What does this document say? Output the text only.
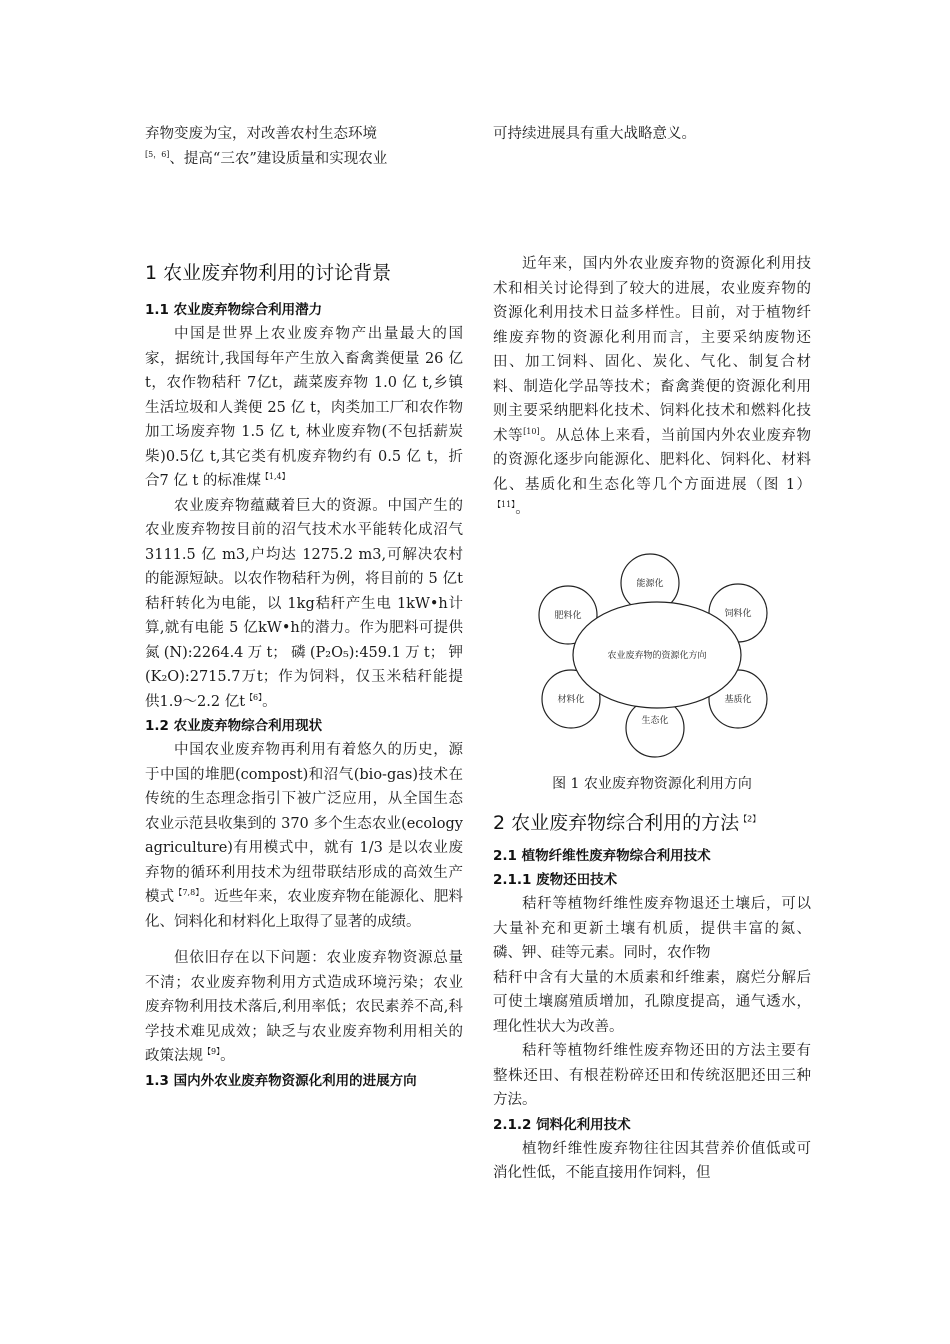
弃物变废为宝，对改善农村生态环境

[5，6]、提高“三农”建设质量和实现农业

可持续进展具有重大战略意义。

1 农业废弃物利用的讨论背景
1.1 农业废弃物综合利用潜力

中国是世界上农业废弃物产出量最大的国家，据统计,我国每年产生放入畜禽粪便量 26 亿 t，农作物秸秆 7亿t，蔬菜废弃物 1.0 亿 t,乡镇生活垃圾和人粪便 25 亿 t，肉类加工厂和农作物加工场废弃物 1.5 亿 t, 林业废弃物(不包括薪炭柴)0.5亿 t,其它类有机废弃物约有 0.5 亿 t，折合7 亿 t 的标准煤$^{【1,4】}$

农业废弃物蕴藏着巨大的资源。中国产生的农业废弃物按目前的沼气技术水平能转化成沼气 3111.5 亿 m3,户均达 1275.2 m3,可解决农村的能源短缺。以农作物秸秆为例，将目前的 5 亿t秸秆转化为电能，以 1kg秸秆产生电 1kW•h计算,就有电能 5 亿kW•h的潜力。作为肥料可提供氮(N):2264.4万t；磷(P₂O₅):459.1万t；钾(K₂O):2715.7万t；作为饲料，仅玉米秸秆能提供1.9～2.2 亿$t^{【6】}$。

1.2 农业废弃物综合利用现状

中国农业废弃物再利用有着悠久的历史，源于中国的堆肥(compost)和沼气(bio-gas)技术在传统的生态理念指引下被广泛应用，从全国生态农业示范县收集到的 370 多个生态农业(ecology agriculture)有用模式中，就有 1/3 是以农业废弃物的循环利用技术为纽带联结形成的高效生产模式$^{【7,8】}$。近些年来，农业废弃物在能源化、肥料化、饲料化和材料化上取得了显著的成绩。

但依旧存在以下问题：农业废弃物资源总量不清；农业废弃物利用方式造成环境污染；农业废弃物利用技术落后,利用率低；农民素养不高,科学技术难见成效；缺乏与农业废弃物利用相关的政策法规$^{【9】}$。

1.3 国内外农业废弃物资源化利用的进展方向

近年来，国内外农业废弃物的资源化利用技术和相关讨论得到了较大的进展，农业废弃物的资源化利用技术日益多样性。目前，对于植物纤维废弃物的资源化利用而言，主要采纳废物还田、加工饲料、固化、炭化、气化、制复合材料、制造化学品等技术；畜禽粪便的资源化利用则主要采纳肥料化技术、饲料化技术和燃料化技术等[10]。从总体上来看，当前国内外农业废弃物的资源化逐步向能源化、肥料化、饲料化、材料化、基质化和生态化等几个方面进展（图 1）$^{【11】}$。

农业废弃物的资源化方向
能源化
饲料化
基质化
生态化
材料化
肥料化
图 1 农业废弃物资源化利用方向
2 农业废弃物综合利用的方法$^{【2】}$
2.1 植物纤维性废弃物综合利用技术
2.1.1 废物还田技术

秸秆等植物纤维性废弃物退还土壤后，可以大量补充和更新土壤有机质，提供丰富的氮、磷、钾、硅等元素。同时，农作物

秸秆中含有大量的木质素和纤维素，腐烂分解后可使土壤腐殖质增加，孔隙度提高，通气透水，理化性状大为改善。

秸秆等植物纤维性废弃物还田的方法主要有整株还田、有根茬粉碎还田和传统沤肥还田三种方法。

2.1.2 饲料化利用技术

植物纤维性废弃物往往因其营养价值低或可消化性低，不能直接用作饲料，但
